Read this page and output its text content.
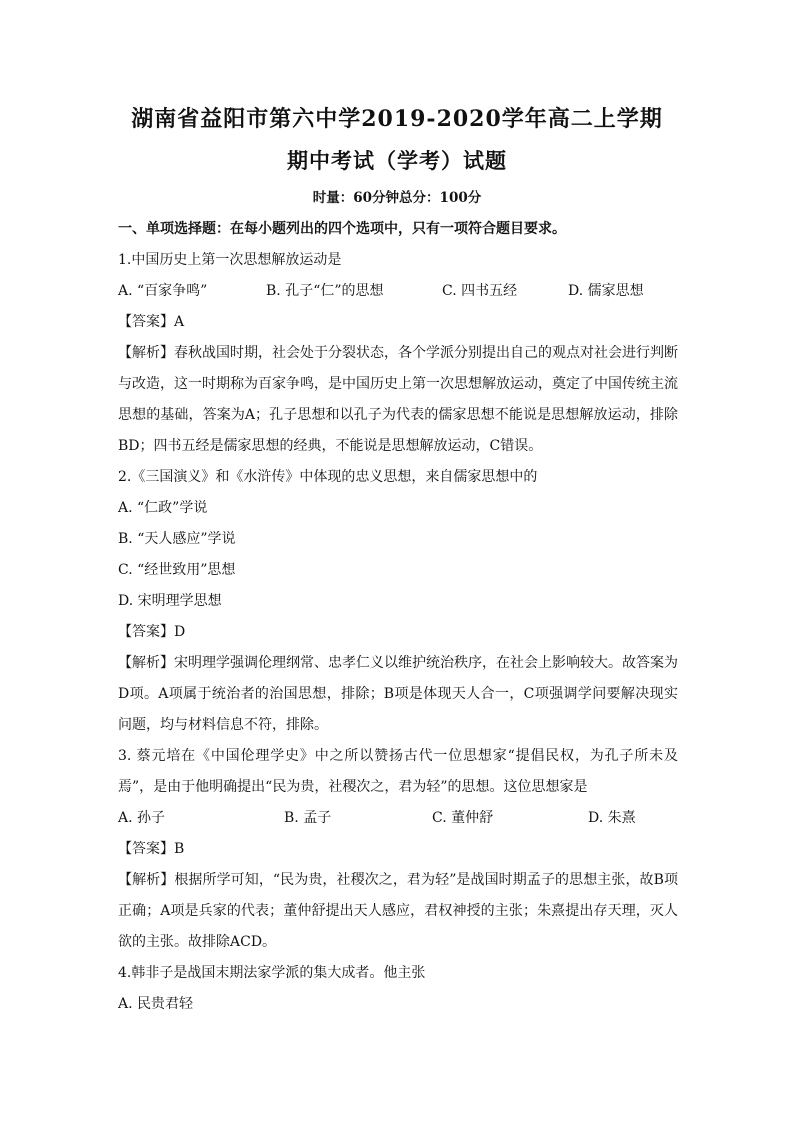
湖南省益阳市第六中学2019-2020学年高二上学期
期中考试（学考）试题
时量：60分钟总分：100分
一、单项选择题：在每小题列出的四个选项中，只有一项符合题目要求。
1.中国历史上第一次思想解放运动是
A. “百家争鸣”	B. 孔子“仁”的思想	C. 四书五经	D. 儒家思想
【答案】A
【解析】春秋战国时期，社会处于分裂状态，各个学派分别提出自己的观点对社会进行判断与改造，这一时期称为百家争鸣，是中国历史上第一次思想解放运动，奠定了中国传统主流思想的基础，答案为A；孔子思想和以孔子为代表的儒家思想不能说是思想解放运动，排除BD；四书五经是儒家思想的经典，不能说是思想解放运动，C错误。
2.《三国演义》和《水浒传》中体现的忠义思想，来自儒家思想中的
A. “仁政”学说
B. “天人感应”学说
C. “经世致用”思想
D. 宋明理学思想
【答案】D
【解析】宋明理学强调伦理纲常、忠孝仁义以维护统治秩序，在社会上影响较大。故答案为D项。A项属于统治者的治国思想，排除；B项是体现天人合一，C项强调学问要解决现实问题，均与材料信息不符，排除。
3. 蔡元培在《中国伦理学史》中之所以赞扬古代一位思想家“提倡民权，为孔子所未及焉”，是由于他明确提出“民为贵，社稷次之，君为轻”的思想。这位思想家是
A. 孙子	B. 孟子	C. 董仲舒	D. 朱熹
【答案】B
【解析】根据所学可知，“民为贵，社稷次之，君为轻”是战国时期孟子的思想主张，故B项正确；A项是兵家的代表；董仲舒提出天人感应，君权神授的主张；朱熹提出存天理，灭人欲的主张。故排除ACD。
4.韩非子是战国末期法家学派的集大成者。他主张
A. 民贵君轻
